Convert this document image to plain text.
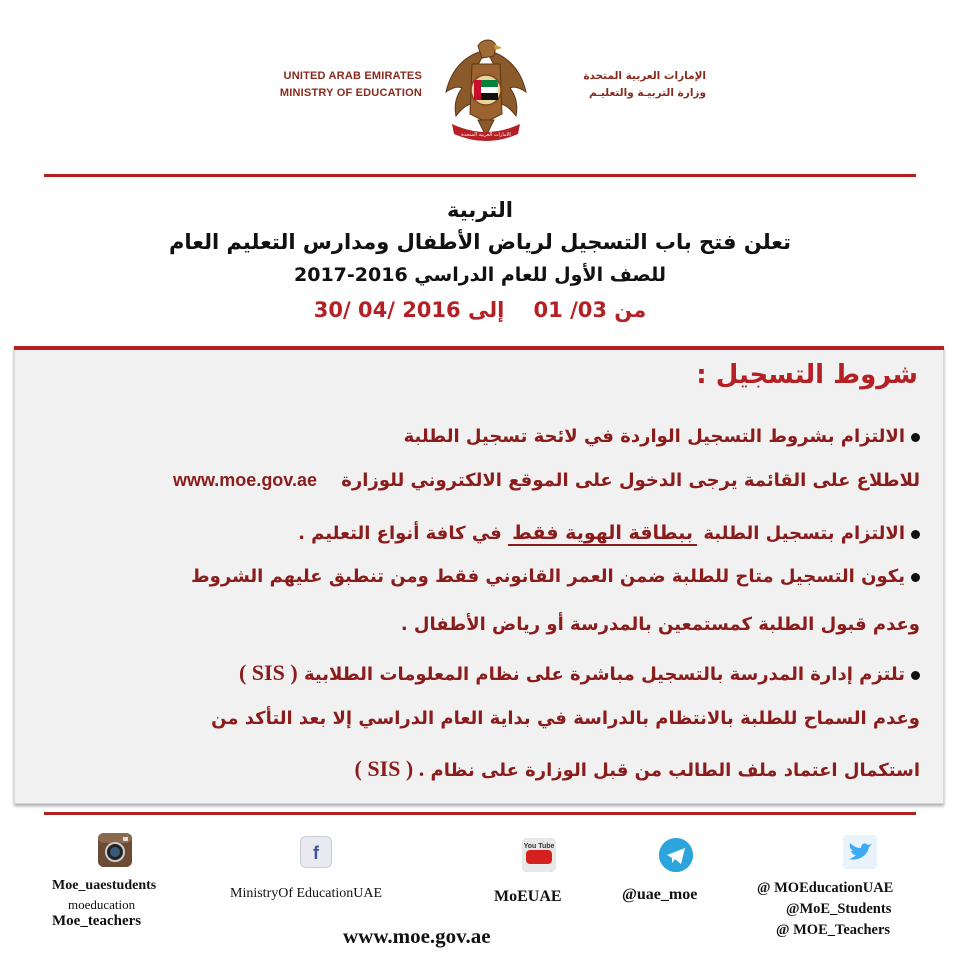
UNITED ARAB EMIRATES
MINISTRY OF EDUCATION
الامارات العربية المتحدة
الإمارات العربية المتحدة
وزارة التربيـة والتعليـم
التربية
تعلن فتح باب التسجيل لرياض الأطفال ومدارس التعليم العام
للصف الأول للعام الدراسي 2016-2017
من 01 /03    إلى 30/ 04/ 2016
شروط التسجيل :
الالتزام بشروط التسجيل الواردة في لائحة تسجيل الطلبة
للاطلاع على القائمة يرجى الدخول على الموقع الالكتروني للوزارة www.moe.gov.ae
الالتزام بتسجيل الطلبة ببطاقة الهوية فقط في كافة أنواع التعليم .
يكون التسجيل متاح للطلبة ضمن العمر القانوني فقط ومن تنطبق عليهم الشروط
وعدم قبول الطلبة كمستمعين بالمدرسة أو رياض الأطفال .
تلتزم إدارة المدرسة بالتسجيل مباشرة على نظام المعلومات الطلابية ( SIS )
وعدم السماح للطلبة بالانتظام بالدراسة في بداية العام الدراسي إلا بعد التأكد من
استكمال اعتماد ملف الطالب من قبل الوزارة على نظام ( SIS ) .
Moe_uaestudents
moeducation
Moe_teachers
f
MinistryOf EducationUAE
You Tube
MoEUAE	@uae_moe	@ MOEducationUAE
@MoE_Students
@ MOE_Teachers
www.moe.gov.ae
